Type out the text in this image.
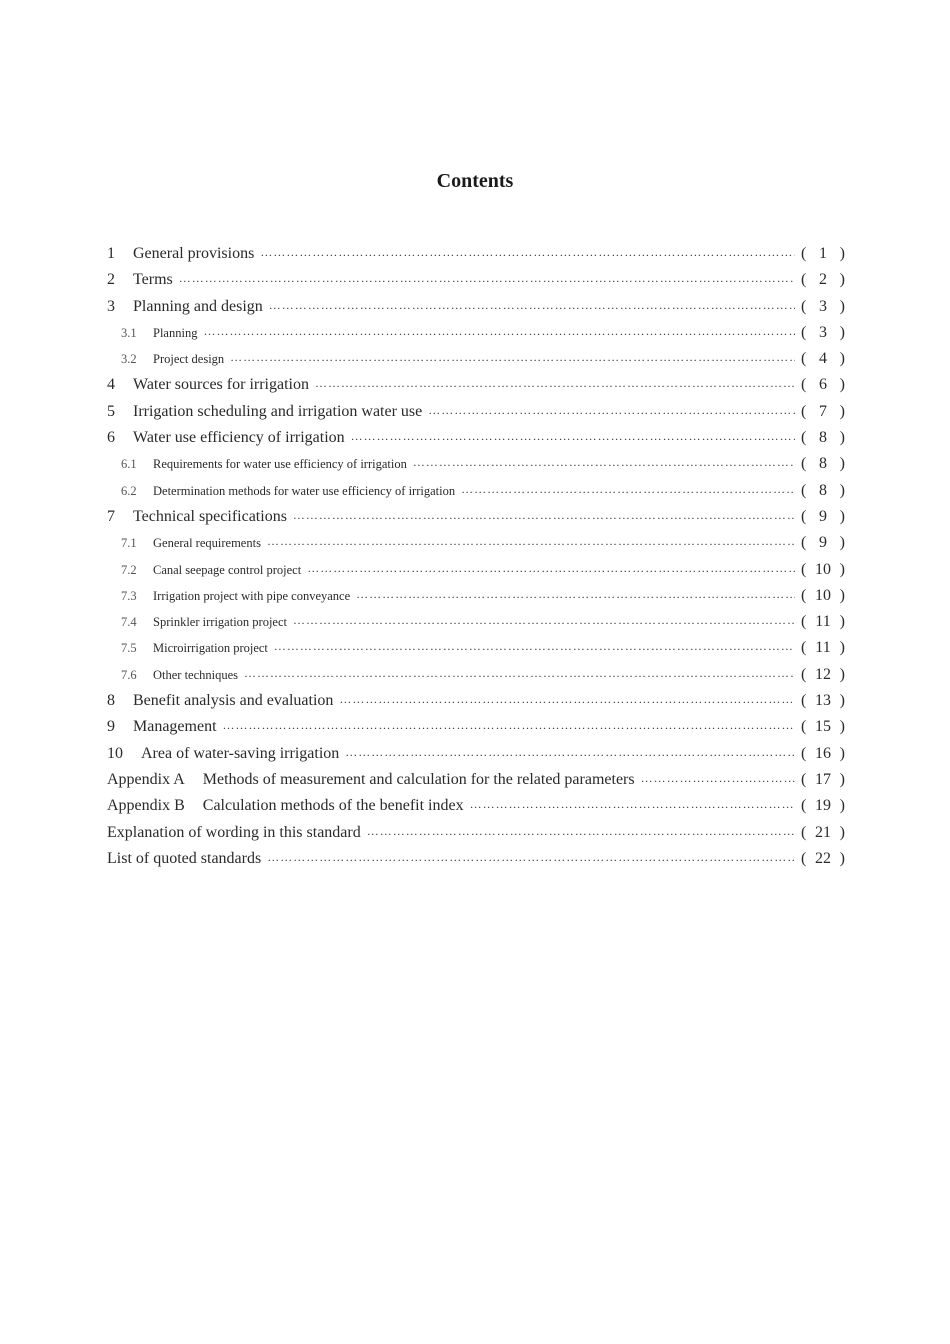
Contents
1	General provisions ……………………………………………………………………………………………………………………………………………………………………………………………………………………	( 1 )
2	Terms ……………………………………………………………………………………………………………………………………………………………………………………………………………………	( 2 )
3	Planning and design ……………………………………………………………………………………………………………………………………………………………………………………………………………………	( 3 )
3.1	Planning ……………………………………………………………………………………………………………………………………………………………………………………………………………………	( 3 )
3.2	Project design ……………………………………………………………………………………………………………………………………………………………………………………………………………………	( 4 )
4	Water sources for irrigation ……………………………………………………………………………………………………………………………………………………………………………………………………………………	( 6 )
5	Irrigation scheduling and irrigation water use ……………………………………………………………………………………………………………………………………………………………………………………………………………………	( 7 )
6	Water use efficiency of irrigation ……………………………………………………………………………………………………………………………………………………………………………………………………………………	( 8 )
6.1	Requirements for water use efficiency of irrigation ……………………………………………………………………………………………………………………………………………………………………………………………………………………	( 8 )
6.2	Determination methods for water use efficiency of irrigation ……………………………………………………………………………………………………………………………………………………………………………………………………………………	( 8 )
7	Technical specifications ……………………………………………………………………………………………………………………………………………………………………………………………………………………	( 9 )
7.1	General requirements ……………………………………………………………………………………………………………………………………………………………………………………………………………………	( 9 )
7.2	Canal seepage control project ……………………………………………………………………………………………………………………………………………………………………………………………………………………	( 10 )
7.3	Irrigation project with pipe conveyance ……………………………………………………………………………………………………………………………………………………………………………………………………………………	( 10 )
7.4	Sprinkler irrigation project ……………………………………………………………………………………………………………………………………………………………………………………………………………………	( 11 )
7.5	Microirrigation project ……………………………………………………………………………………………………………………………………………………………………………………………………………………	( 11 )
7.6	Other techniques ……………………………………………………………………………………………………………………………………………………………………………………………………………………	( 12 )
8	Benefit analysis and evaluation ……………………………………………………………………………………………………………………………………………………………………………………………………………………	( 13 )
9	Management ……………………………………………………………………………………………………………………………………………………………………………………………………………………	( 15 )
10	Area of water-saving irrigation ……………………………………………………………………………………………………………………………………………………………………………………………………………………	( 16 )
Appendix A	Methods of measurement and calculation for the related parameters ……………………………………………………………………………………………………………………………………………………………………………………………………………………	( 17 )
Appendix B	Calculation methods of the benefit index ……………………………………………………………………………………………………………………………………………………………………………………………………………………	( 19 )
Explanation of wording in this standard ……………………………………………………………………………………………………………………………………………………………………………………………………………………	( 21 )
List of quoted standards ……………………………………………………………………………………………………………………………………………………………………………………………………………………	( 22 )
